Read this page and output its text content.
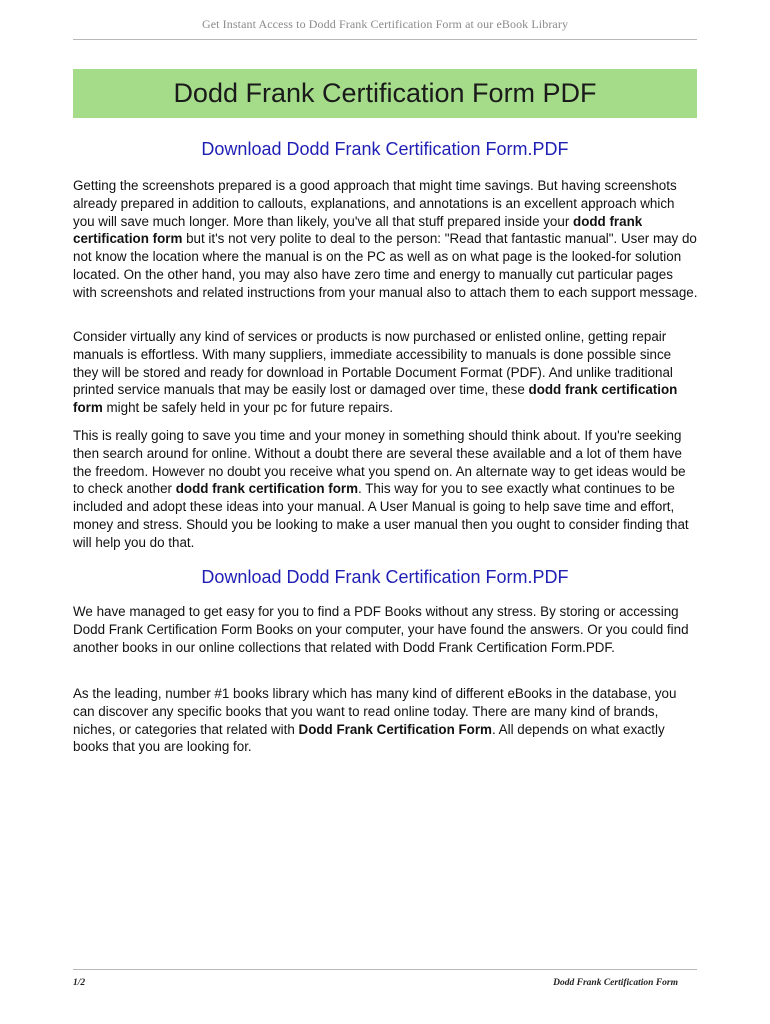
Get Instant Access to Dodd Frank Certification Form at our eBook Library
Dodd Frank Certification Form PDF
Download Dodd Frank Certification Form.PDF

Getting the screenshots prepared is a good approach that might time savings. But having screenshots already prepared in addition to callouts, explanations, and annotations is an excellent approach which you will save much longer. More than likely, you've all that stuff prepared inside your dodd frank certification form but it's not very polite to deal to the person: "Read that fantastic manual". User may do not know the location where the manual is on the PC as well as on what page is the looked-for solution located. On the other hand, you may also have zero time and energy to manually cut particular pages with screenshots and related instructions from your manual also to attach them to each support message.

Consider virtually any kind of services or products is now purchased or enlisted online, getting repair manuals is effortless. With many suppliers, immediate accessibility to manuals is done possible since they will be stored and ready for download in Portable Document Format (PDF). And unlike traditional printed service manuals that may be easily lost or damaged over time, these dodd frank certification form might be safely held in your pc for future repairs.

This is really going to save you time and your money in something should think about. If you're seeking then search around for online. Without a doubt there are several these available and a lot of them have the freedom. However no doubt you receive what you spend on. An alternate way to get ideas would be to check another dodd frank certification form. This way for you to see exactly what continues to be included and adopt these ideas into your manual. A User Manual is going to help save time and effort, money and stress. Should you be looking to make a user manual then you ought to consider finding that will help you do that.

Download Dodd Frank Certification Form.PDF

We have managed to get easy for you to find a PDF Books without any stress. By storing or accessing Dodd Frank Certification Form Books on your computer, your have found the answers. Or you could find another books in our online collections that related with Dodd Frank Certification Form.PDF.

As the leading, number #1 books library which has many kind of different eBooks in the database, you can discover any specific books that you want to read online today. There are many kind of brands, niches, or categories that related with Dodd Frank Certification Form. All depends on what exactly books that you are looking for.

1/2	Dodd Frank Certification Form
